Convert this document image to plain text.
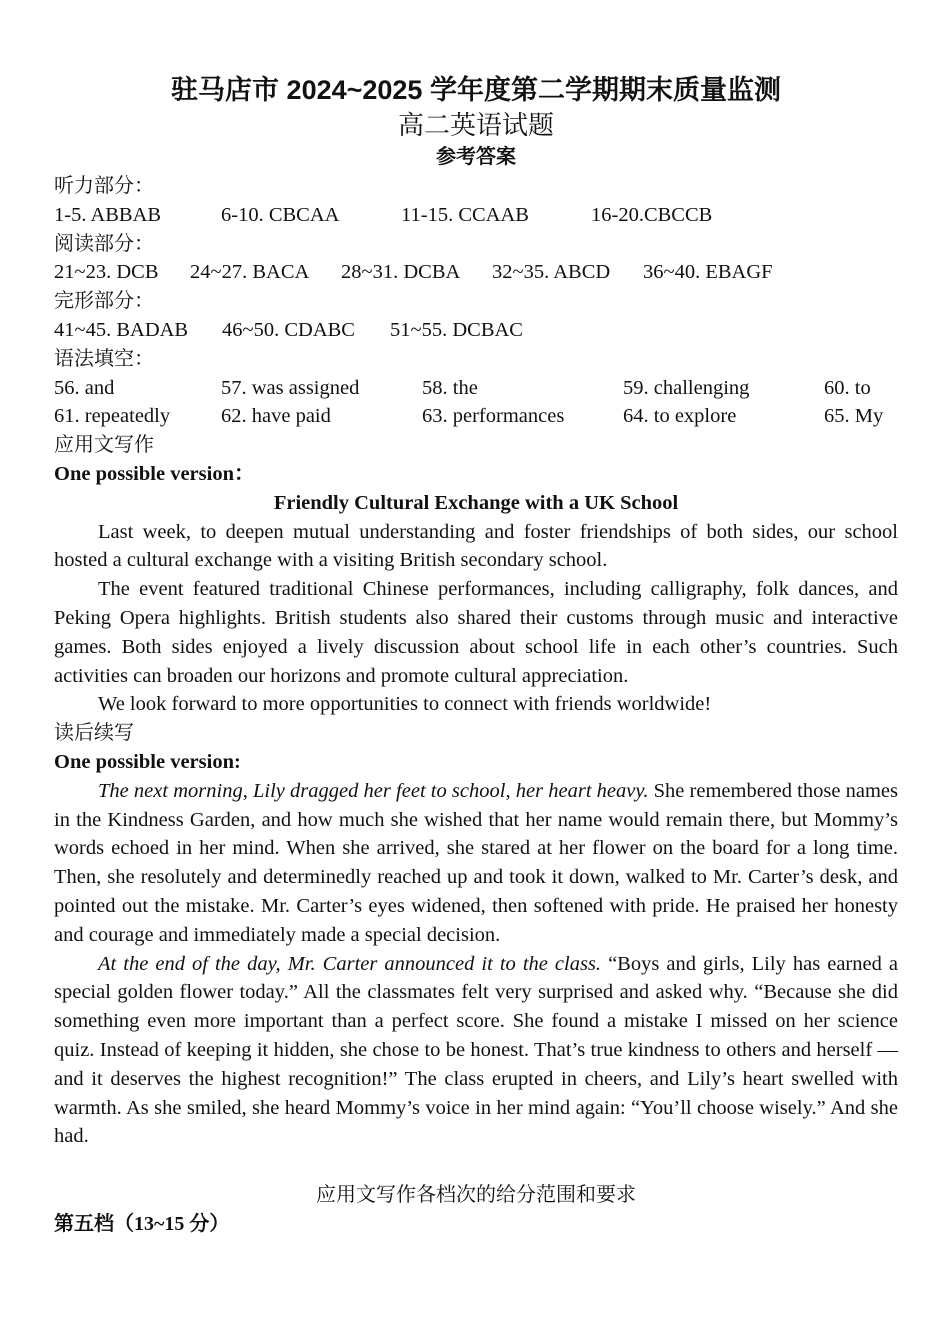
驻马店市 2024~2025 学年度第二学期期末质量监测

高二英语试题

参考答案

听力部分：

1-5. ABBAB	6-10. CBCAA	11-15. CCAAB	16-20.CBCCB

阅读部分：

21~23. DCB 24~27. BACA 28~31. DCBA 32~35. ABCD 36~40. EBAGF

完形部分：

41~45. BADAB 46~50. CDABC 51~55. DCBAC

语法填空：

56. and	57. was assigned	58. the	59. challenging	60. to
61. repeatedly	62. have paid	63. performances	64. to explore	65. My

应用文写作

One possible version：

Friendly Cultural Exchange with a UK School

Last week, to deepen mutual understanding and foster friendships of both sides, our school hosted a cultural exchange with a visiting British secondary school.

The event featured traditional Chinese performances, including calligraphy, folk dances, and Peking Opera highlights. British students also shared their customs through music and interactive games. Both sides enjoyed a lively discussion about school life in each other’s countries. Such activities can broaden our horizons and promote cultural appreciation.

We look forward to more opportunities to connect with friends worldwide!

读后续写

One possible version:

The next morning, Lily dragged her feet to school, her heart heavy. She remembered those names in the Kindness Garden, and how much she wished that her name would remain there, but Mommy’s words echoed in her mind. When she arrived, she stared at her flower on the board for a long time. Then, she resolutely and determinedly reached up and took it down, walked to Mr. Carter’s desk, and pointed out the mistake. Mr. Carter’s eyes widened, then softened with pride. He praised her honesty and courage and immediately made a special decision.

At the end of the day, Mr. Carter announced it to the class. “Boys and girls, Lily has earned a special golden flower today.” All the classmates felt very surprised and asked why. “Because she did something even more important than a perfect score. She found a mistake I missed on her science quiz. Instead of keeping it hidden, she chose to be honest. That’s true kindness to others and herself — and it deserves the highest recognition!” The class erupted in cheers, and Lily’s heart swelled with warmth. As she smiled, she heard Mommy’s voice in her mind again: “You’ll choose wisely.” And she had.

应用文写作各档次的给分范围和要求

第五档（13~15 分）
